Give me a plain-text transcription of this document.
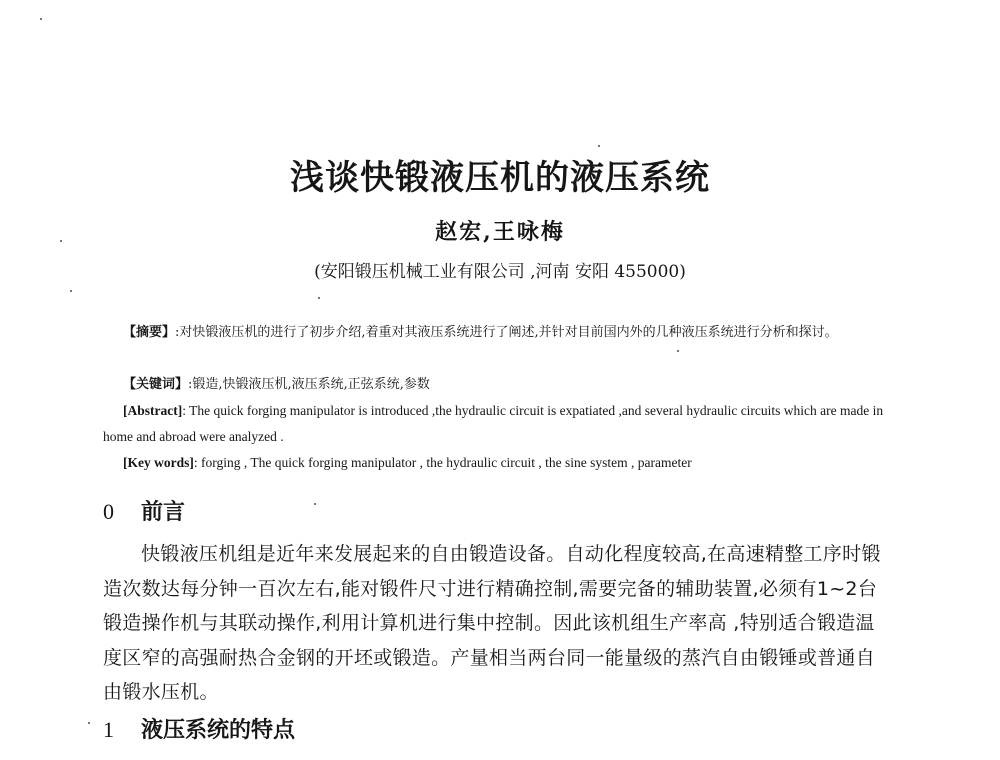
浅谈快锻液压机的液压系统
赵宏,王咏梅
(安阳锻压机械工业有限公司 ,河南 安阳 455000)
【摘要】:对快锻液压机的进行了初步介绍,着重对其液压系统进行了阐述,并针对目前国内外的几种液压系统进行分析和探讨。
【关键词】:锻造,快锻液压机,液压系统,正弦系统,参数
[Abstract]: The quick forging manipulator is introduced ,the hydraulic circuit is expatiated ,and several hydraulic circuits which are made in home and abroad were analyzed .
[Key words]: forging , The quick forging manipulator , the hydraulic circuit , the sine system , parameter
0 前言
快锻液压机组是近年来发展起来的自由锻造设备。自动化程度较高,在高速精整工序时锻造次数达每分钟一百次左右,能对锻件尺寸进行精确控制,需要完备的辅助装置,必须有1~2台锻造操作机与其联动操作,利用计算机进行集中控制。因此该机组生产率高 ,特别适合锻造温度区窄的高强耐热合金钢的开坯或锻造。产量相当两台同一能量级的蒸汽自由锻锤或普通自由锻水压机。
1 液压系统的特点
